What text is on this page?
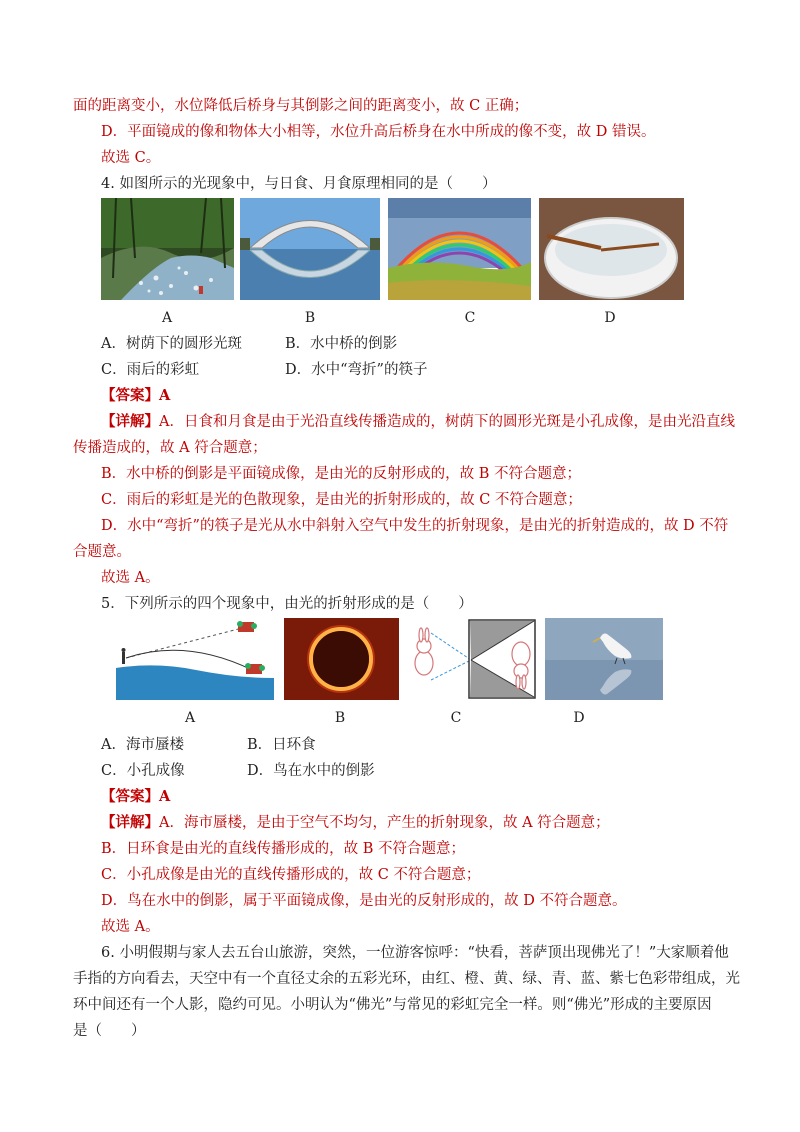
面的距离变小，水位降低后桥身与其倒影之间的距离变小，故 C 正确；
D．平面镜成的像和物体大小相等，水位升高后桥身在水中所成的像不变，故 D 错误。
故选 C。
4. 如图所示的光现象中，与日食、月食原理相同的是（　　）
A	B	C	D
A．树荫下的圆形光斑	B．水中桥的倒影
C．雨后的彩虹	D．水中“弯折”的筷子
【答案】A
【详解】A．日食和月食是由于光沿直线传播造成的，树荫下的圆形光斑是小孔成像，是由光沿直线
传播造成的，故 A 符合题意；
B．水中桥的倒影是平面镜成像，是由光的反射形成的，故 B 不符合题意；
C．雨后的彩虹是光的色散现象，是由光的折射形成的，故 C 不符合题意；
D．水中“弯折”的筷子是光从水中斜射入空气中发生的折射现象，是由光的折射造成的，故 D 不符
合题意。
故选 A。
5．下列所示的四个现象中，由光的折射形成的是（　　）
A	B	C	D
A．海市蜃楼	B．日环食
C．小孔成像	D．鸟在水中的倒影
【答案】A
【详解】A．海市蜃楼，是由于空气不均匀，产生的折射现象，故 A 符合题意；
B．日环食是由光的直线传播形成的，故 B 不符合题意；
C．小孔成像是由光的直线传播形成的，故 C 不符合题意；
D．鸟在水中的倒影，属于平面镜成像，是由光的反射形成的，故 D 不符合题意。
故选 A。
6. 小明假期与家人去五台山旅游，突然，一位游客惊呼：“快看，菩萨顶出现佛光了！”大家顺着他
手指的方向看去，天空中有一个直径丈余的五彩光环，由红、橙、黄、绿、青、蓝、紫七色彩带组成，光
环中间还有一个人影，隐约可见。小明认为“佛光”与常见的彩虹完全一样。则“佛光”形成的主要原因
是（　　）
